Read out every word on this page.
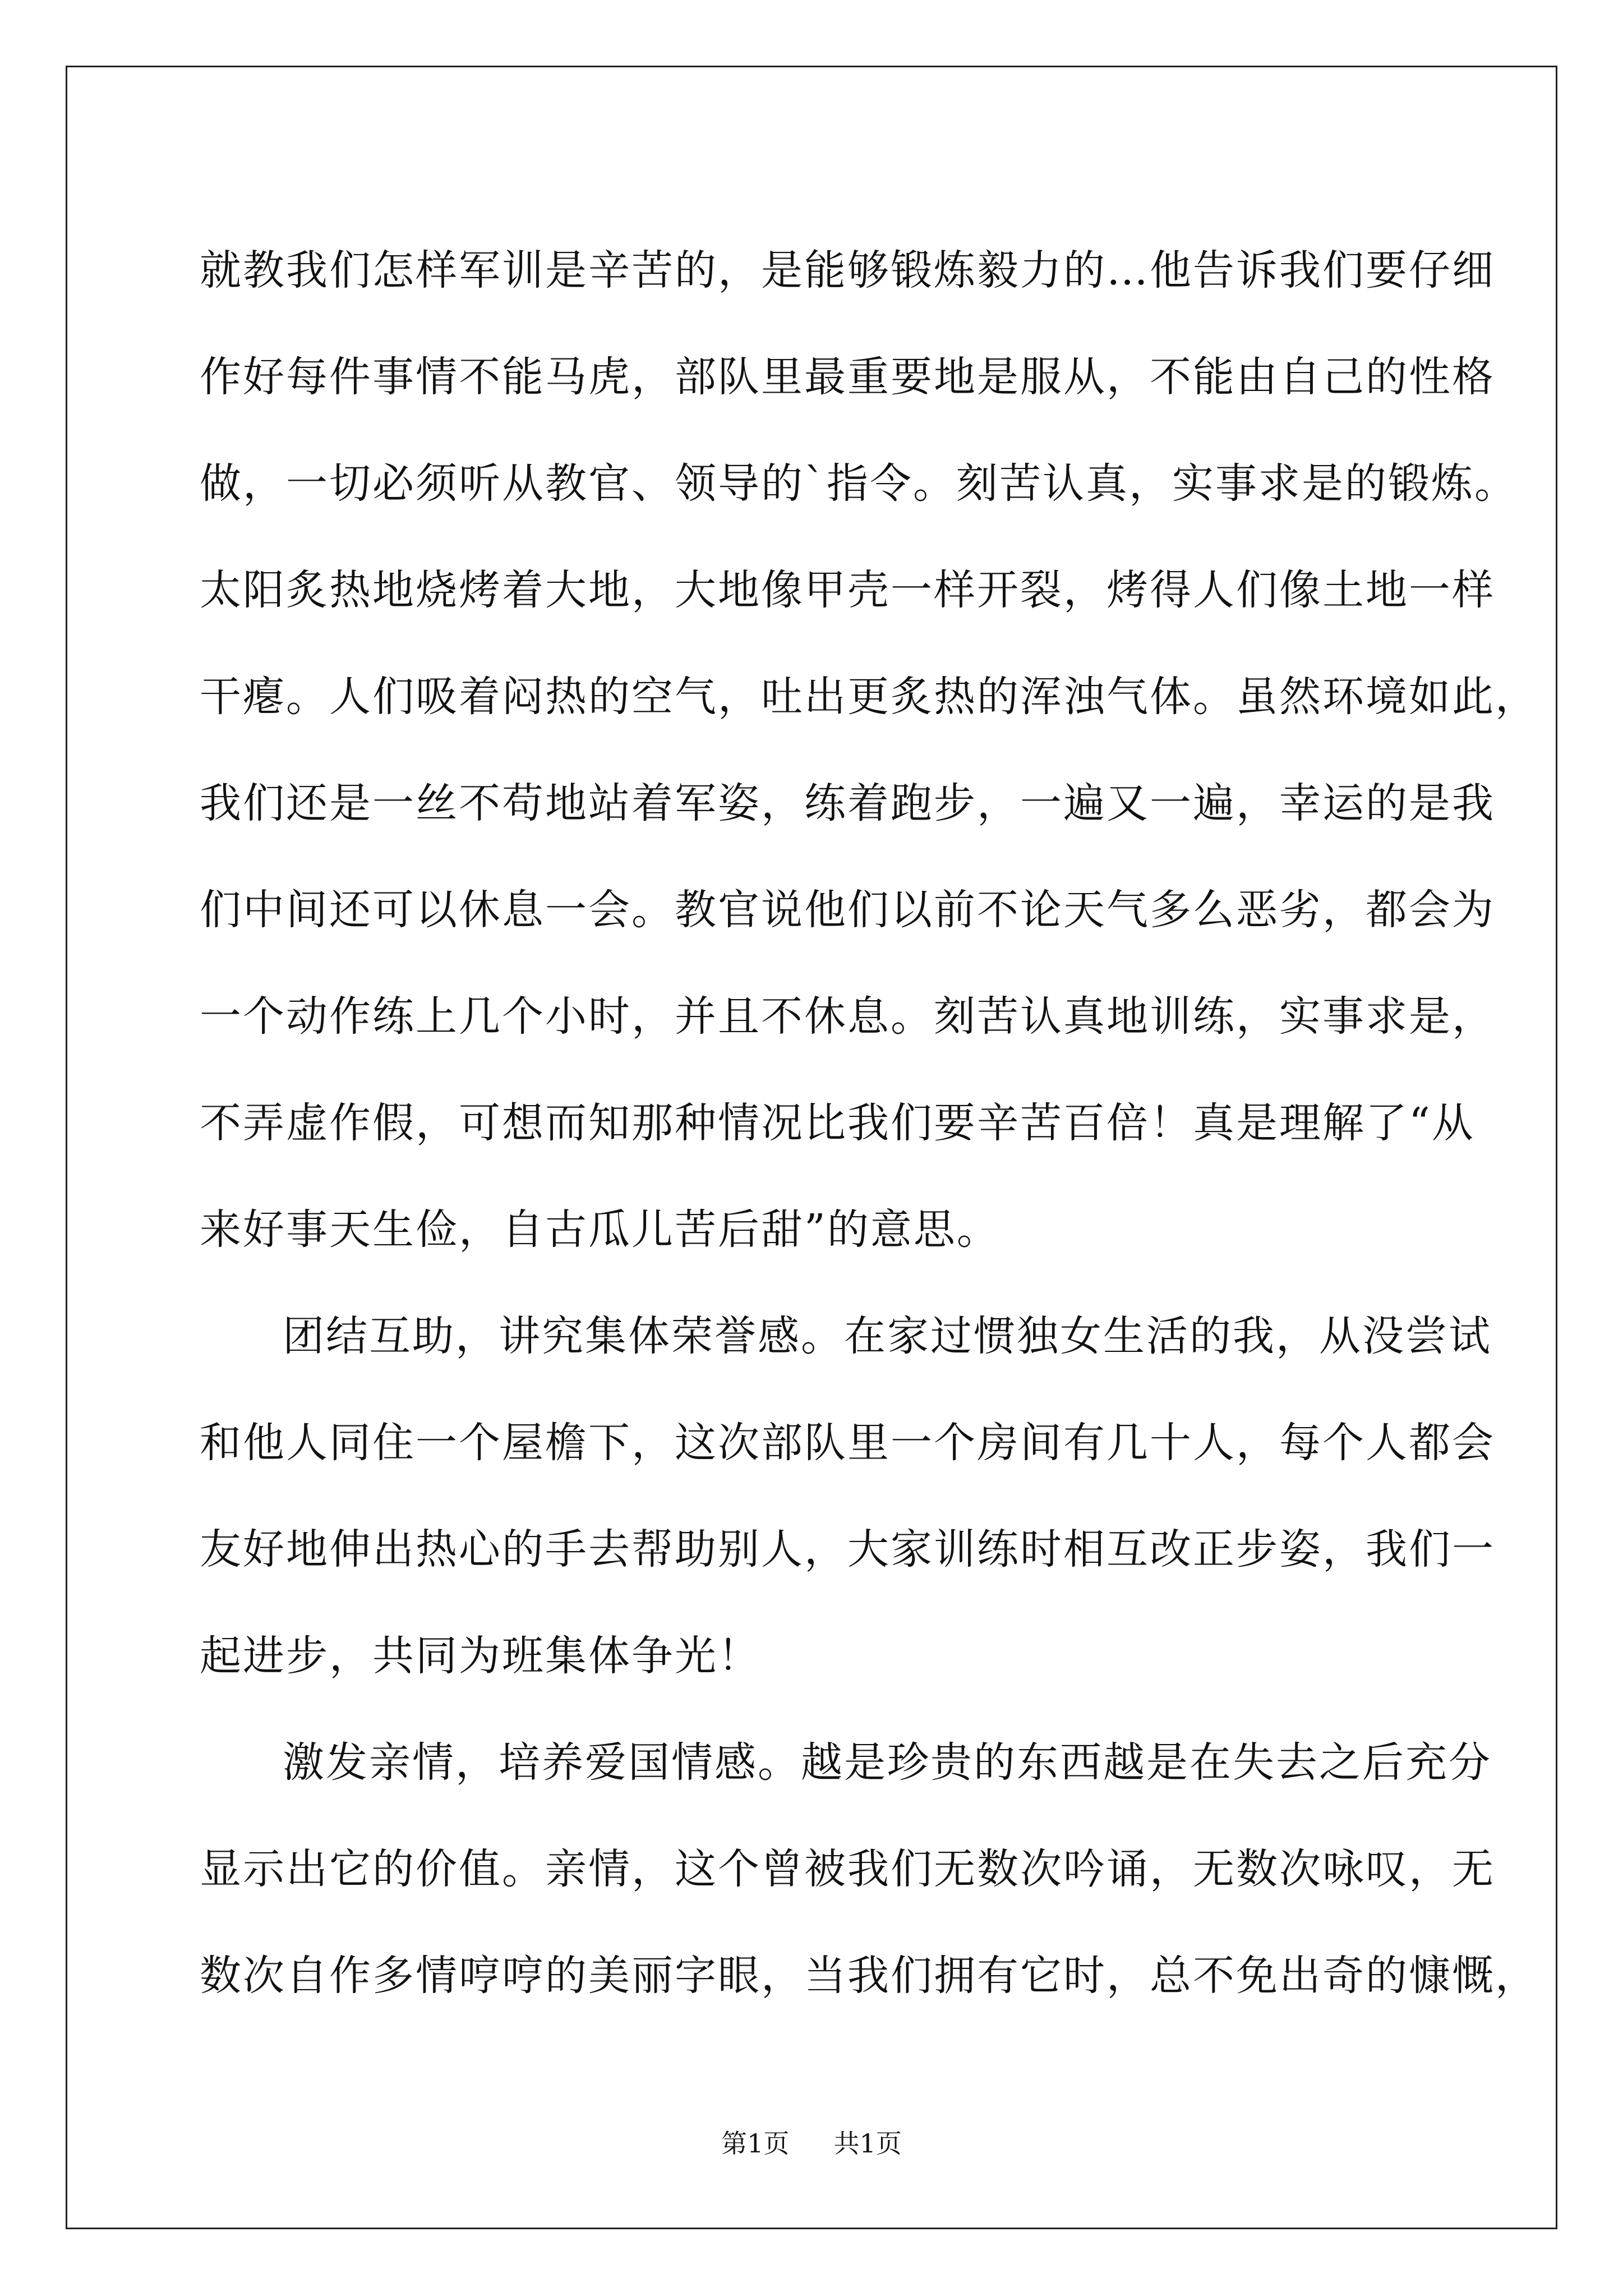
就教我们怎样军训是辛苦的，是能够锻炼毅力的…他告诉我们要仔细
作好每件事情不能马虎，部队里最重要地是服从，不能由自己的性格
做，一切必须听从教官、领导的`指令。刻苦认真，实事求是的锻炼。
太阳炙热地烧烤着大地，大地像甲壳一样开裂，烤得人们像土地一样
干瘪。人们吸着闷热的空气，吐出更炙热的浑浊气体。虽然环境如此，
我们还是一丝不苟地站着军姿，练着跑步，一遍又一遍，幸运的是我
们中间还可以休息一会。教官说他们以前不论天气多么恶劣，都会为
一个动作练上几个小时，并且不休息。刻苦认真地训练，实事求是，
不弄虚作假，可想而知那种情况比我们要辛苦百倍！真是理解了“从
来好事天生俭，自古瓜儿苦后甜”的意思。
团结互助，讲究集体荣誉感。在家过惯独女生活的我，从没尝试
和他人同住一个屋檐下，这次部队里一个房间有几十人，每个人都会
友好地伸出热心的手去帮助别人，大家训练时相互改正步姿，我们一
起进步，共同为班集体争光！
激发亲情，培养爱国情感。越是珍贵的东西越是在失去之后充分
显示出它的价值。亲情，这个曾被我们无数次吟诵，无数次咏叹，无
数次自作多情哼哼的美丽字眼，当我们拥有它时，总不免出奇的慷慨，
第1页 共1页
